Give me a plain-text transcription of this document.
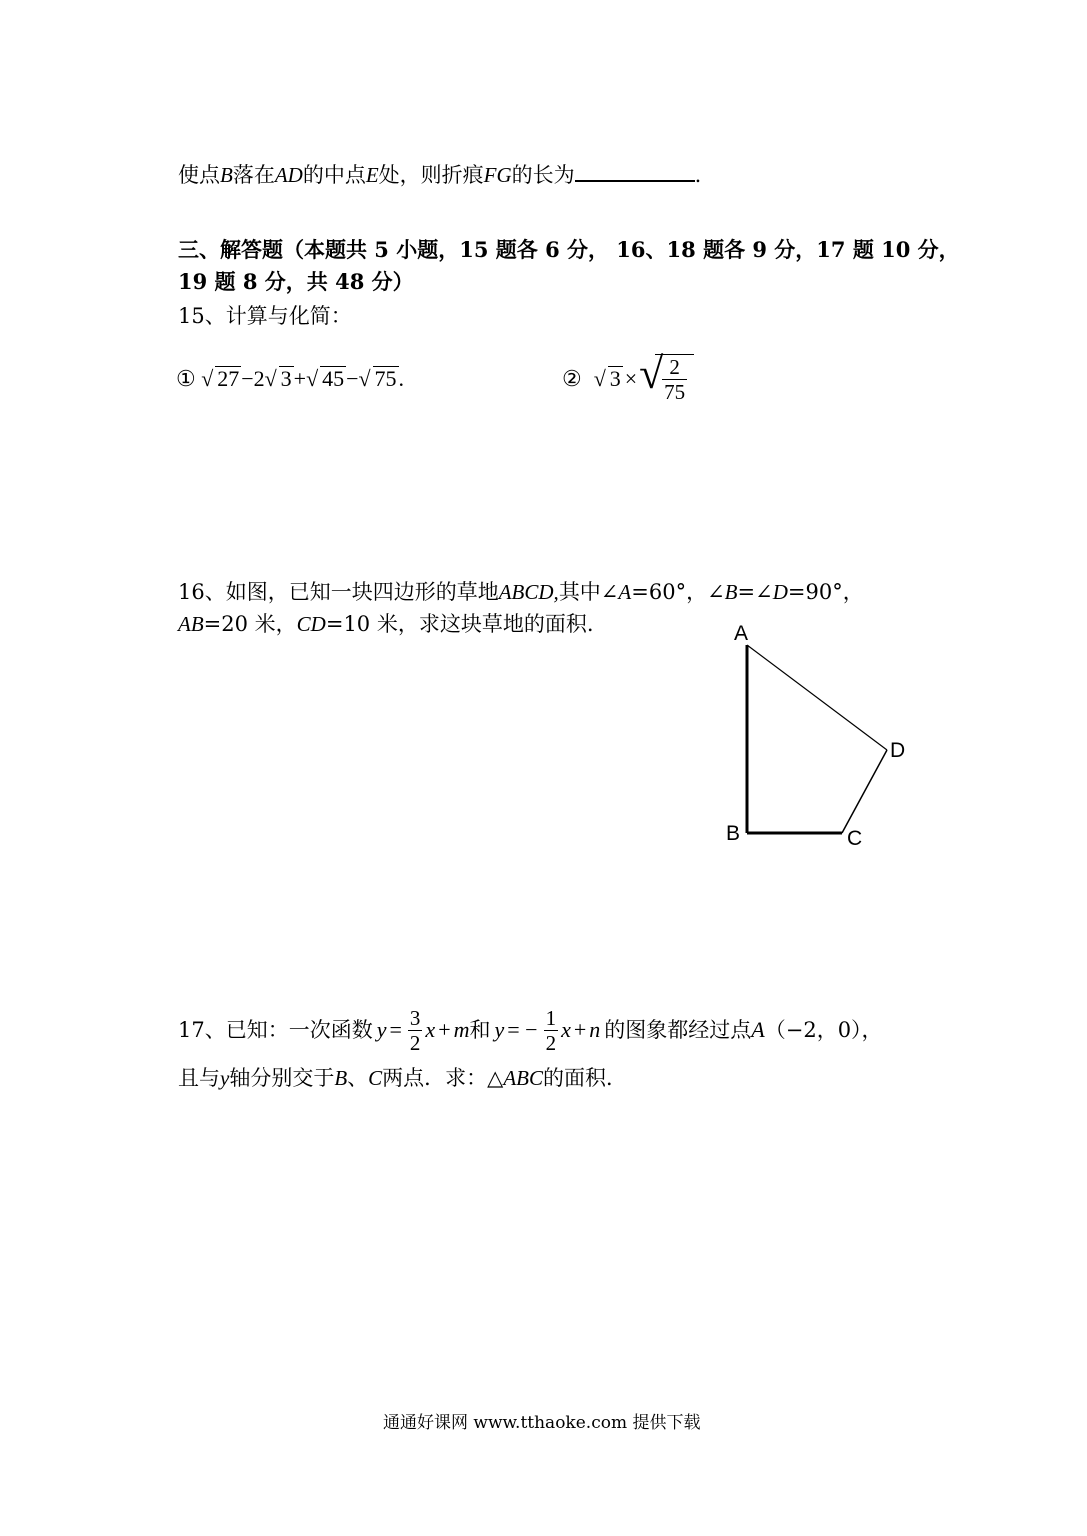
使点B落在AD的中点E处，则折痕FG的长为	.
三、解答题（本题共 5 小题，15 题各 6 分， 16、18 题各 9 分，17 题 10 分，
19 题 8 分，共 48 分）
15、计算与化简：
① √ 27−2 √ 3+ √ 45− √ 75.	② √ 3 × √
$\frac{2}{75}$
16、如图，已知一块四边形的草地ABCD,其中∠A=60°，∠B=∠D=90°，
AB=20 米，CD=10 米，求这块草地的面积.	A
B	C
D
17、已知：一次函数 $y = \frac{3}{2}$ x + m 和 y = − $\frac{1}{2}$ x + n 的图象都经过点 A （−2，0），
且与y轴分别交于B、C两点．求：△ABC的面积．
通通好课网 www.tthaoke.com 提供下载
